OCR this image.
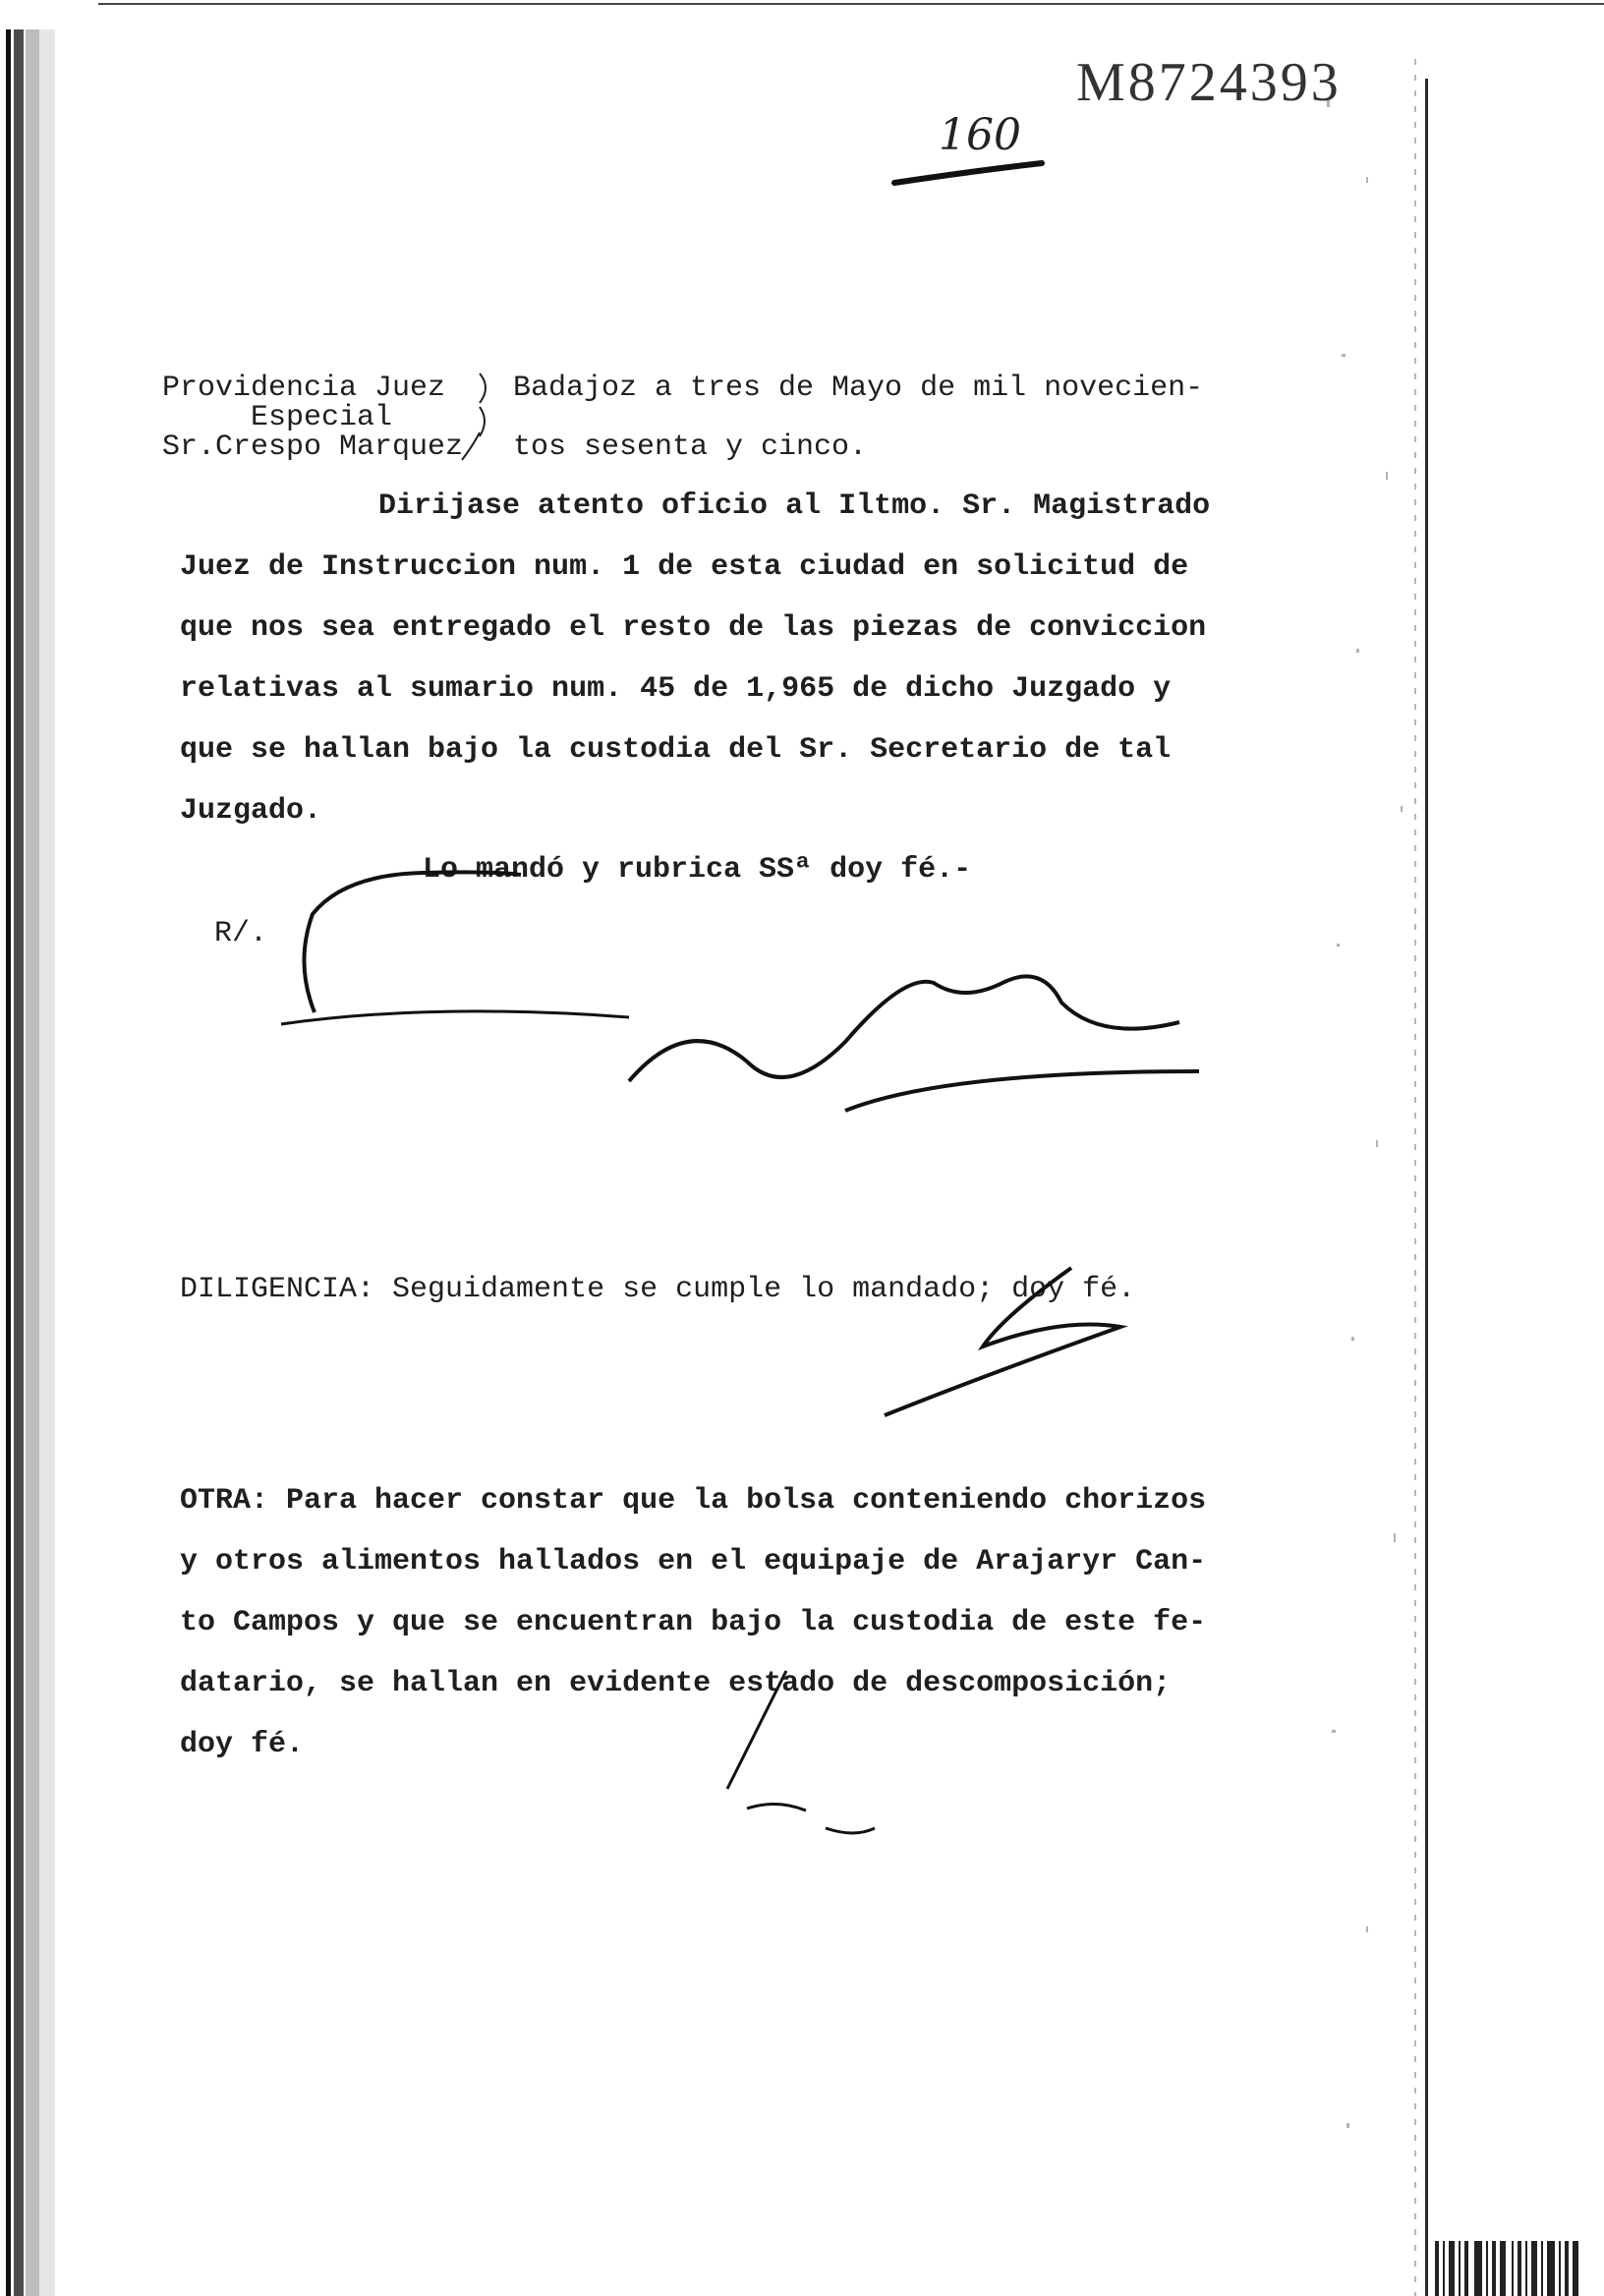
M8724393
160
Providencia Juez
Especial
Sr.Crespo Marquez
Badajoz a tres de Mayo de mil novecien-
tos sesenta y cinco.
Dirijase atento oficio al Iltmo. Sr. Magistrado
Juez de Instruccion num. 1 de esta ciudad en solicitud de
que nos sea entregado el resto de las piezas de conviccion
relativas al sumario num. 45 de 1,965 de dicho Juzgado y
que se hallan bajo la custodia del Sr. Secretario de tal
Juzgado.
Lo mandó y rubrica SSª doy fé.-
R/.
DILIGENCIA: Seguidamente se cumple lo mandado; doy fé.
OTRA: Para hacer constar que la bolsa conteniendo chorizos
y otros alimentos hallados en el equipaje de Arajaryr Can-
to Campos y que se encuentran bajo la custodia de este fe-
datario, se hallan en evidente estado de descomposición;
doy fé.
